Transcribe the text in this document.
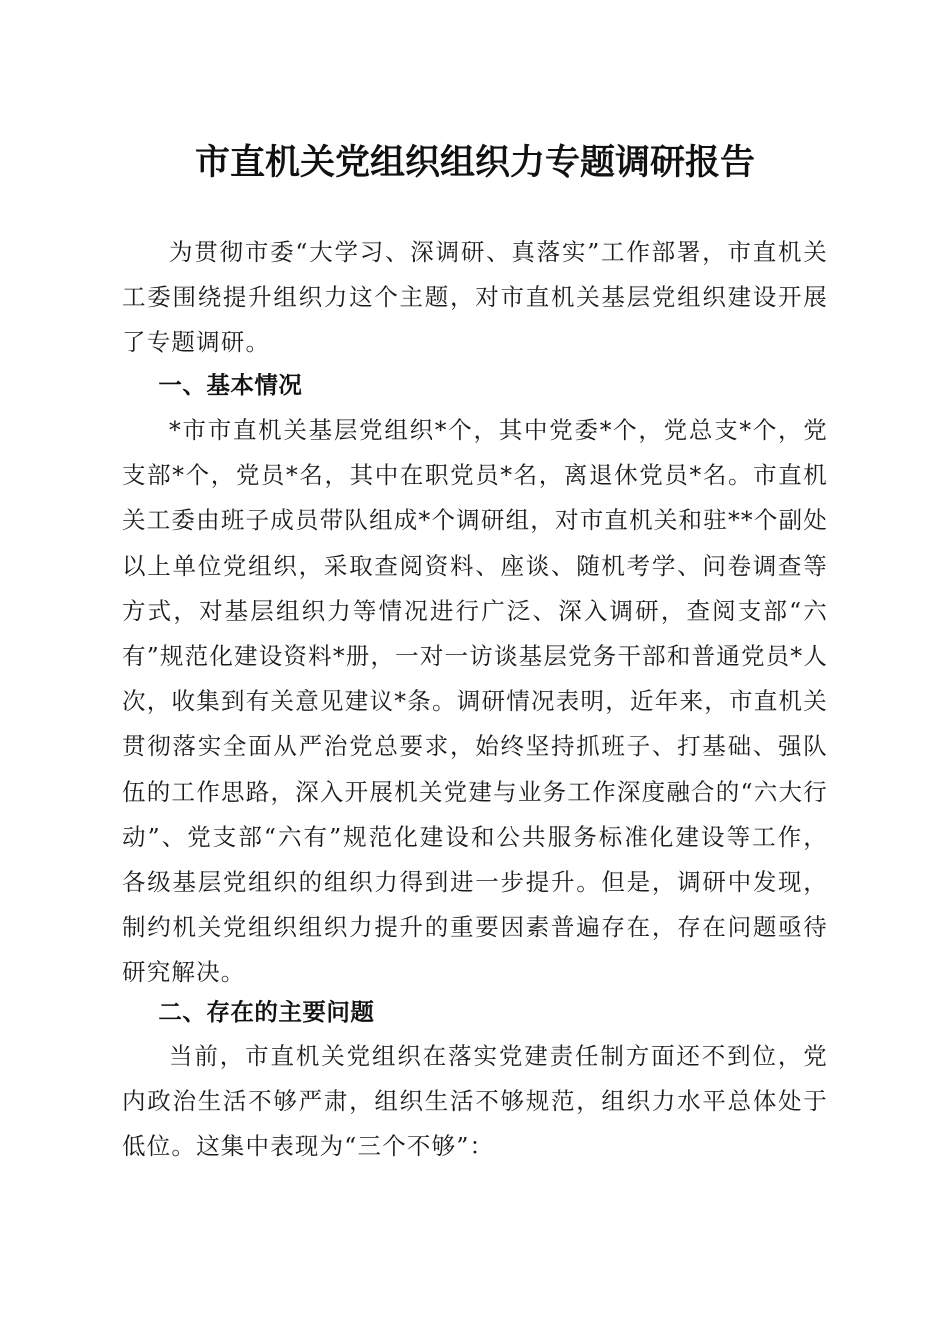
市直机关党组织组织力专题调研报告

为贯彻市委“大学习、深调研、真落实”工作部署，市直机关工委围绕提升组织力这个主题，对市直机关基层党组织建设开展了专题调研。

一、基本情况

*市市直机关基层党组织*个，其中党委*个，党总支*个，党支部*个，党员*名，其中在职党员*名，离退休党员*名。市直机关工委由班子成员带队组成*个调研组，对市直机关和驻**个副处以上单位党组织，采取查阅资料、座谈、随机考学、问卷调查等方式，对基层组织力等情况进行广泛、深入调研，查阅支部“六有”规范化建设资料*册，一对一访谈基层党务干部和普通党员*人次，收集到有关意见建议*条。调研情况表明，近年来，市直机关贯彻落实全面从严治党总要求，始终坚持抓班子、打基础、强队伍的工作思路，深入开展机关党建与业务工作深度融合的“六大行动”、党支部“六有”规范化建设和公共服务标准化建设等工作，各级基层党组织的组织力得到进一步提升。但是，调研中发现，制约机关党组织组织力提升的重要因素普遍存在，存在问题亟待研究解决。

二、存在的主要问题

当前，市直机关党组织在落实党建责任制方面还不到位，党内政治生活不够严肃，组织生活不够规范，组织力水平总体处于低位。这集中表现为“三个不够”：
